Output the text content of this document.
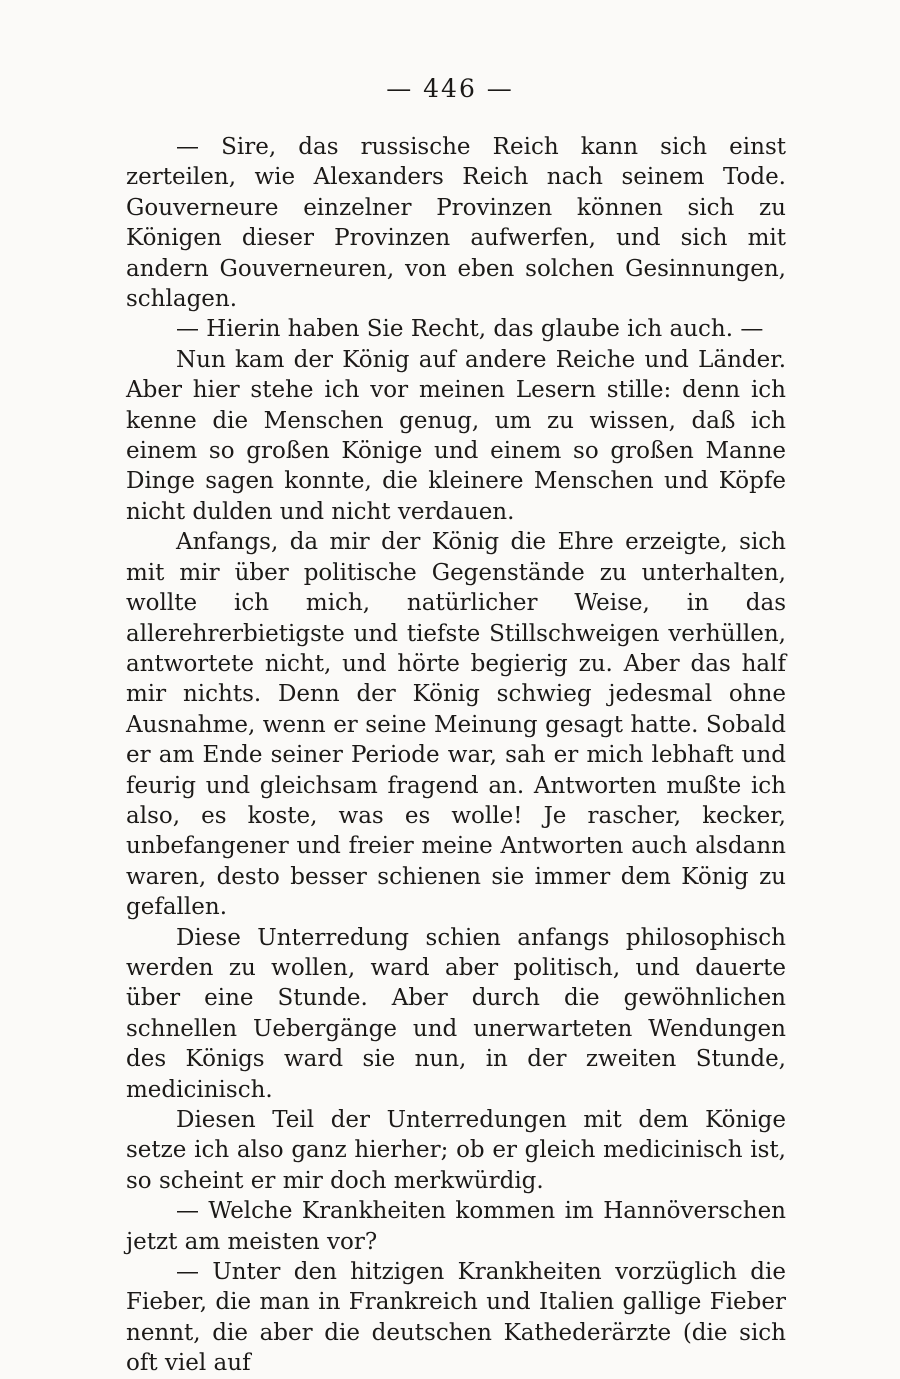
— 446 —

— Sire, das russische Reich kann sich einst zerteilen, wie Alexanders Reich nach seinem Tode. Gouverneure einzelner Provinzen können sich zu Königen dieser Provinzen aufwerfen, und sich mit andern Gouverneuren, von eben solchen Gesinnungen, schlagen.

— Hierin haben Sie Recht, das glaube ich auch. —

Nun kam der König auf andere Reiche und Länder. Aber hier stehe ich vor meinen Lesern stille: denn ich kenne die Menschen genug, um zu wissen, daß ich einem so großen Könige und einem so großen Manne Dinge sagen konnte, die kleinere Menschen und Köpfe nicht dulden und nicht verdauen.

Anfangs, da mir der König die Ehre erzeigte, sich mit mir über politische Gegenstände zu unterhalten, wollte ich mich, natürlicher Weise, in das allerehrerbietigste und tiefste Stillschweigen verhüllen, antwortete nicht, und hörte begierig zu. Aber das half mir nichts. Denn der König schwieg jedesmal ohne Ausnahme, wenn er seine Meinung gesagt hatte. Sobald er am Ende seiner Periode war, sah er mich lebhaft und feurig und gleichsam fragend an. Antworten mußte ich also, es koste, was es wolle! Je rascher, kecker, unbefangener und freier meine Antworten auch alsdann waren, desto besser schienen sie immer dem König zu gefallen.

Diese Unterredung schien anfangs philosophisch werden zu wollen, ward aber politisch, und dauerte über eine Stunde. Aber durch die gewöhnlichen schnellen Uebergänge und unerwarteten Wendungen des Königs ward sie nun, in der zweiten Stunde, medicinisch.

Diesen Teil der Unterredungen mit dem Könige setze ich also ganz hierher; ob er gleich medicinisch ist, so scheint er mir doch merkwürdig.

— Welche Krankheiten kommen im Hannöverschen jetzt am meisten vor?

— Unter den hitzigen Krankheiten vorzüglich die Fieber, die man in Frankreich und Italien gallige Fieber nennt, die aber die deutschen Kathederärzte (die sich oft viel auf
